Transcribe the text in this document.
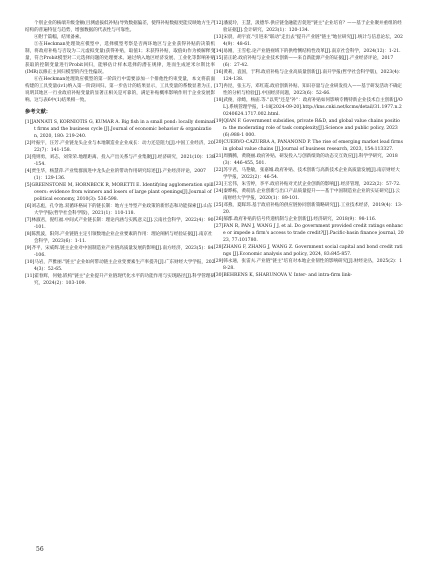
个别企业的核端升级金额(目测虑拔低补贴)导致数据偏差，使得补贴数据更能反映地方生产结构的普遍特征与趋势，增强数据的代表性与可靠性。

④附于篇幅，结果备索。

⑤在Heckman处理效应模型中，选择模型考察是否两环地区与企业获得补贴的决策机制，将政府补贴与否设为二元虚拟变量(获得补贴，取值1；未获得补贴，取值0)作为被解释变量，符合Probit模型对二元选择问题的处理要求。通过纳入地区经济发展、工业化等影响补贴获取的控制变量进行Probit回归，能够估计样本选择的潜在规律，进而生成逆米尔斯比率(IMR)以修正主回归模型的内生性偏误。

⑥在Heckman处理效应模型的第一阶段行中需要添加一个排他性约束变量，本文将前面构建的工具变量(iv1)纳入第一阶段回归。第一步估计的结果显示，工具变量的系数显著为正，说明其地区一行业政府补贴变量的显著正相关是可靠的，满足补贴概率影响作用于企业发展影响。这与表6中(1)结果相一致。

参考文献：

[1]JANNATI S, KORNIOTIS G, KUMAR A. Big fish in a small pond: locally dominant firms and the business cycle [J].Journal of economic behavior & organization, 2020, 180: 219-240.

[2]叶振宇，汪芳.产业链龙头企业与本地制造业企业成长：动力还是阻力[J].中国工业经济，2022(7)：141-158.

[3]苑则勇，刘志，刘荣荣.地理距离、投入产出关系与产业集聚[J].经济研究，2021(10)：138-154.

[4]贾生华，杨慧萍.产业集群演进中龙头企业的带动作用研究综述[J].产业经济评论，2007(1)：129-136.

[5]GREENSTONE M, HORNBECK R, MORETTI E. Identifying agglomeration spillovers: evidence from winners and losers of large plant openings[J].Journal of political economy, 2010(3): 536-598.

[6]刘志彪，孔令池.双循环格局下的链长制：地方主导型产业政策的新形态和功能探索[J].山东大学学报(哲学社会科学版)，2021(1)：110-118.

[7]林淑君，倪红福.中间式产业链长制：理论内涵与实践意义[J].云南社会科学，2022(4)：90-101.

[8]陈凯波，阳剑.产业链链主定引领数地企业企业要素的作用：理论阐析与经验证据[J].南京社会科学，2023(6)：1-11.

[9]齐平，宋威辉.链主企业对中国制造业产业链高质量发展的影响[J].南方经济，2023(5)：84-106.

[10]马岩，芦雅丽."链主"企业如何带动链主企业变要素生产率提升[J].广东财经大学学报，2024(3)：52-65.

[11]霍春辉，何勉.嵌构"链主"企业提升产业链现代化水平的功能作用与实现路径[J].科学管理研究，2024(2)：103-109.

[12]潘爱玲，王慧，汲德华.供应链金融能否促进"链主"企业培育？——基于企业聚并重组的经验证据[J].会计研究，2023(1)：120-134.

[13]宋晨，胡宇宸."引进来"联动"走出去"提升产业链"链主"地位研究[J].统计与信息论坛，2024(9)：48-61.

[14]易刚，王雪松.论产业链视域下的供给侧结构性改革[J].南京社会科学，2024(12)：1-21.

[15]苗正轮.政府补贴与企业技术创新——来自新能源产业的证据[J].产业经济评论，2017(6)：27-42.

[16]黄莉，袁国，于利.政府补贴与企业高质量创新[J].南开学报(哲学社会科学版)，2023(4)：124-138.

[17]冉昆，张玉巧，邓红霞.政府创新补贴、知识存量与企业研发投入——基于研发活动不确定性的分析与检验[J].中国经济问题，2023(6)：52-66.

[18]武俊，徐绮，杨庙.等."以奖"还是"补"：政府补贴如何影响专精特新企业技术自主创新[J/OL].系统管理学报，1-18[2024-09-20].http://kns.cnki.net/kcms/detail/31.1977.n.20240624.1717.002.html.

[19]QIAN F. Government subsidies, private R&D, and global value chains position: the moderating role of task complexity[J].Science and public policy, 2023(6):988-1 000.

[20]CUERVO-CAZURRA A, PANANOND P. The rise of emerging market lead firms in global value chains [J].Journal of business research, 2023, 154:113327.

[21]周腾腾，黄晓丽.政府补贴、研发投入与创新绩效的动态交互效应[J].科学学研究，2018(3)：446-455, 501.

[22]苏宇君，马艳敏，张嘉城.政府补贴、技术创新与高新技术企业高质量发展[J].南京财经大学学报，2022(2)：46-54.

[23]王宏伟，朱雪婷，李平.政府补贴对光伏企业创新的影响[J].经济管理，2022(2)：57-72.

[24]秦晔栋，黄萌清.企业创新与出口产品质量提升——基于中国制造业企业的实证研究[J].云南财经大学学报，2020(1)：89-101.

[25]邓燕，夏晖玮.基于政府补贴的供应链协同创新策略研究[J].工业技术经济，2019(4)：13-20.

[26]郝郡.政府补贴的信号传递机制与企业创新[J].经济研究，2018(9)：98-116.

[27]FAN R, PAN J, WANG J J, et al. Do government provided credit ratings enhance or impede a firm's access to trade credit?[J].Pacific-basin finance journal, 2023, 77:101780.

[28]ZHANG F, ZHANG J, WANG Z. Government social capital and bond credit ratings [J].Economic analysis and policy, 2024, 83:845-857.

[29]韩永通，张雷夫.产业链"链主"培育对本地企业韧性的影响研究[J].财经论丛，2025(2)：18-28.

[30]BEHRENS K, SHARUNOVA V. Inter- and intra-firm link-

56
